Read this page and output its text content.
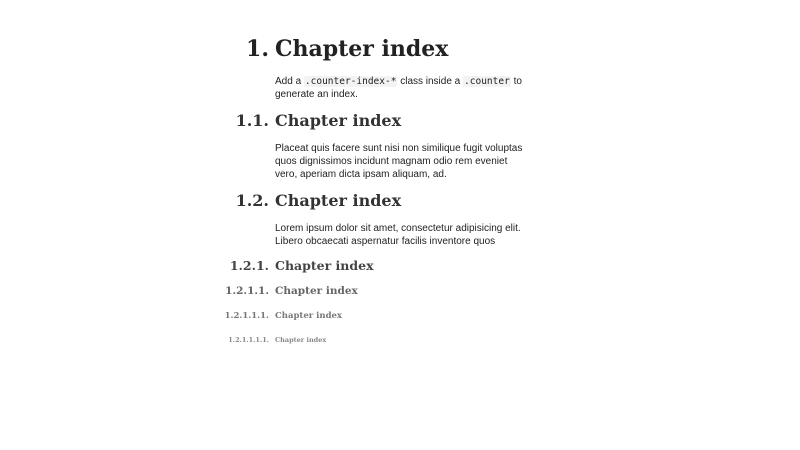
1. Chapter index

Add a .counter-index-* class inside a .counter to generate an index.

1.1. Chapter index

Placeat quis facere sunt nisi non similique fugit voluptas quos dignissimos incidunt magnam odio rem eveniet vero, aperiam dicta ipsam aliquam, ad.

1.2. Chapter index

Lorem ipsum dolor sit amet, consectetur adipisicing elit. Libero obcaecati aspernatur facilis inventore quos

1.2.1. Chapter index
1.2.1.1. Chapter index
1.2.1.1.1. Chapter index
1.2.1.1.1.1. Chapter index
